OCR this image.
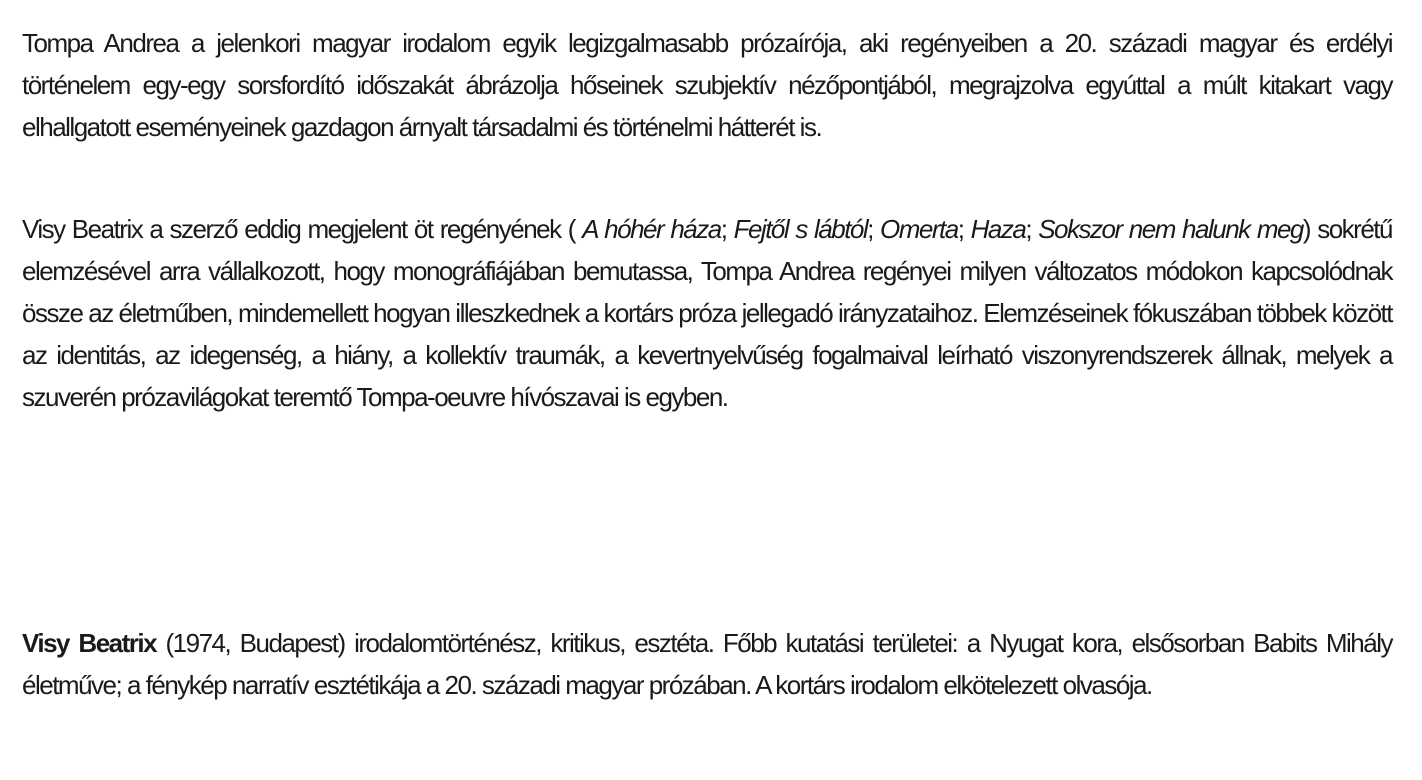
Tompa Andrea a jelenkori magyar irodalom egyik legizgalmasabb prózaírója, aki regényeiben a 20. századi magyar és erdélyi történelem egy-egy sorsfordító időszakát ábrázolja hőseinek szubjektív nézőpontjából, megrajzolva egyúttal a múlt kitakart vagy elhallgatott eseményeinek gazdagon árnyalt társadalmi és történelmi hátterét is.

Visy Beatrix a szerző eddig megjelent öt regényének ( A hóhér háza; Fejtől s lábtól; Omerta; Haza; Sokszor nem halunk meg) sokrétű elemzésével arra vállalkozott, hogy monográfiájában bemutassa, Tompa Andrea regényei milyen változatos módokon kapcsolódnak össze az életműben, mindemellett hogyan illeszkednek a kortárs próza jellegadó irányzataihoz. Elemzéseinek fókuszában többek között az identitás, az idegenség, a hiány, a kollektív traumák, a kevertnyelvűség fogalmaival leírható viszonyrendszerek állnak, melyek a szuverén prózavilágokat teremtő Tompa-oeuvre hívószavai is egyben.

Visy Beatrix (1974, Budapest) irodalomtörténész, kritikus, esztéta. Főbb kutatási területei: a Nyugat kora, elsősorban Babits Mihály életműve; a fénykép narratív esztétikája a 20. századi magyar prózában. A kortárs irodalom elkötelezett olvasója.
